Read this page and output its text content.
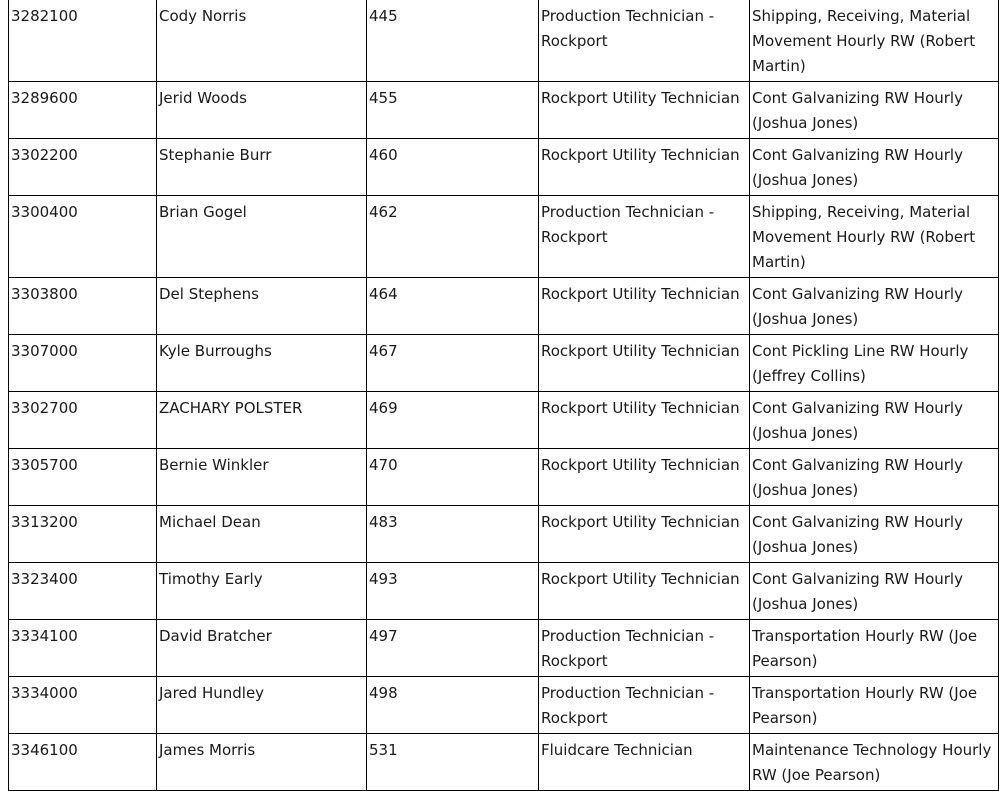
3282100	Cody Norris	445	Production Technician - Rockport	Shipping, Receiving, Material Movement Hourly RW (Robert Martin)
3289600	Jerid Woods	455	Rockport Utility Technician	Cont Galvanizing RW Hourly (Joshua Jones)
3302200	Stephanie Burr	460	Rockport Utility Technician	Cont Galvanizing RW Hourly (Joshua Jones)
3300400	Brian Gogel	462	Production Technician - Rockport	Shipping, Receiving, Material Movement Hourly RW (Robert Martin)
3303800	Del Stephens	464	Rockport Utility Technician	Cont Galvanizing RW Hourly (Joshua Jones)
3307000	Kyle Burroughs	467	Rockport Utility Technician	Cont Pickling Line RW Hourly (Jeffrey Collins)
3302700	ZACHARY POLSTER	469	Rockport Utility Technician	Cont Galvanizing RW Hourly (Joshua Jones)
3305700	Bernie Winkler	470	Rockport Utility Technician	Cont Galvanizing RW Hourly (Joshua Jones)
3313200	Michael Dean	483	Rockport Utility Technician	Cont Galvanizing RW Hourly (Joshua Jones)
3323400	Timothy Early	493	Rockport Utility Technician	Cont Galvanizing RW Hourly (Joshua Jones)
3334100	David Bratcher	497	Production Technician - Rockport	Transportation Hourly RW (Joe Pearson)
3334000	Jared Hundley	498	Production Technician - Rockport	Transportation Hourly RW (Joe Pearson)
3346100	James Morris	531	Fluidcare Technician	Maintenance Technology Hourly RW (Joe Pearson)
